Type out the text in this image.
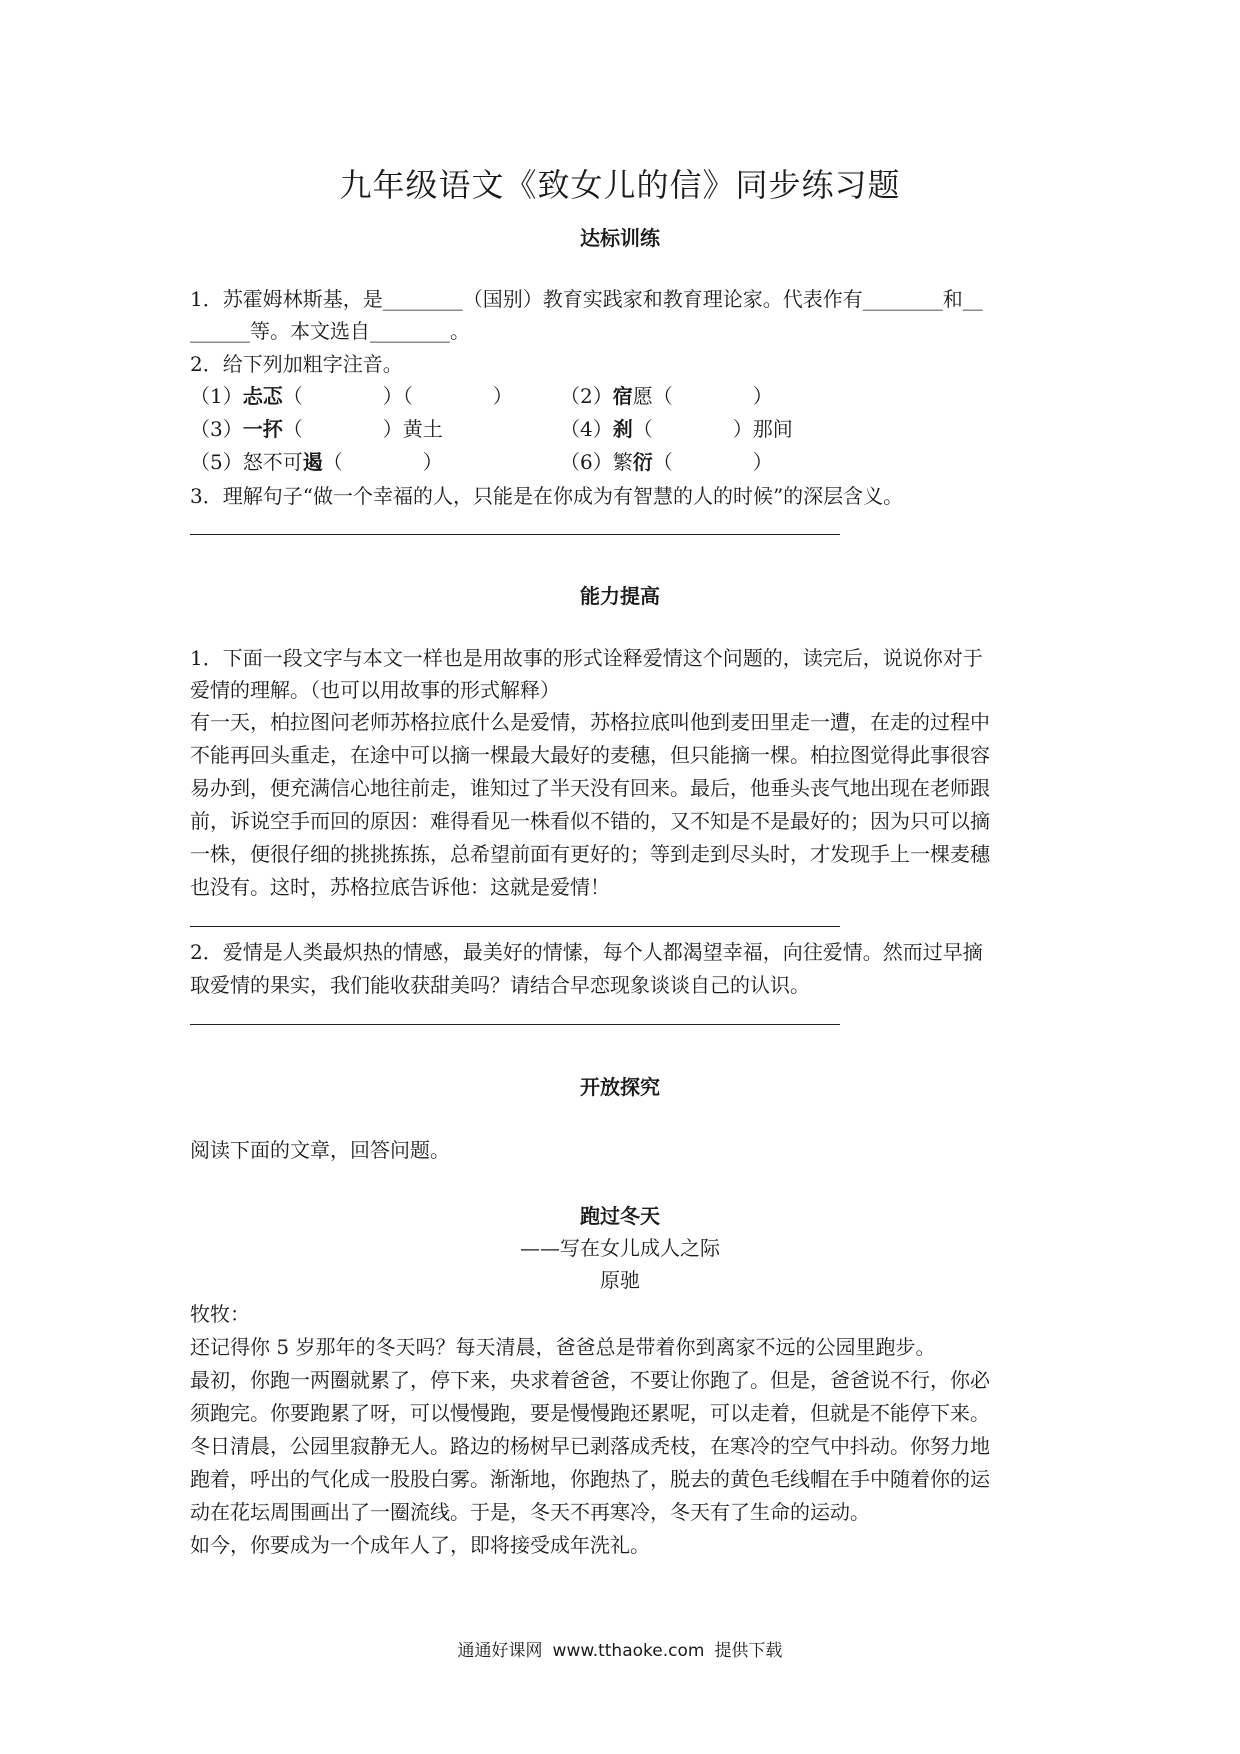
九年级语文《致女儿的信》同步练习题
达标训练
1．苏霍姆林斯基，是________（国别）教育实践家和教育理论家。代表作有________和__
______等。本文选自________。
2．给下列加粗字注音。
（1）忐忑（　　　　）（　　　　） （2）宿愿（　　　　）
（3）一抔（　　　　）黄土	（4）刹（　　　　）那间
（5）怒不可遏（　　　　）	（6）繁衍（　　　　）
3．理解句子“做一个幸福的人，只能是在你成为有智慧的人的时候”的深层含义。
能力提高
1．下面一段文字与本文一样也是用故事的形式诠释爱情这个问题的，读完后，说说你对于
爱情的理解。（也可以用故事的形式解释）
有一天，柏拉图问老师苏格拉底什么是爱情，苏格拉底叫他到麦田里走一遭，在走的过程中
不能再回头重走，在途中可以摘一棵最大最好的麦穗，但只能摘一棵。柏拉图觉得此事很容
易办到，便充满信心地往前走，谁知过了半天没有回来。最后，他垂头丧气地出现在老师跟
前，诉说空手而回的原因：难得看见一株看似不错的，又不知是不是最好的；因为只可以摘
一株，便很仔细的挑挑拣拣，总希望前面有更好的；等到走到尽头时，才发现手上一棵麦穗
也没有。这时，苏格拉底告诉他：这就是爱情！
2．爱情是人类最炽热的情感，最美好的情愫，每个人都渴望幸福，向往爱情。然而过早摘
取爱情的果实，我们能收获甜美吗？请结合早恋现象谈谈自己的认识。
开放探究
阅读下面的文章，回答问题。
跑过冬天
——写在女儿成人之际
原驰
牧牧：
还记得你 5 岁那年的冬天吗？每天清晨，爸爸总是带着你到离家不远的公园里跑步。
最初，你跑一两圈就累了，停下来，央求着爸爸，不要让你跑了。但是，爸爸说不行，你必
须跑完。你要跑累了呀，可以慢慢跑，要是慢慢跑还累呢，可以走着，但就是不能停下来。
冬日清晨，公园里寂静无人。路边的杨树早已剥落成秃枝，在寒冷的空气中抖动。你努力地
跑着，呼出的气化成一股股白雾。渐渐地，你跑热了，脱去的黄色毛线帽在手中随着你的运
动在花坛周围画出了一圈流线。于是，冬天不再寒冷，冬天有了生命的运动。
如今，你要成为一个成年人了，即将接受成年洗礼。
通通好课网 www.tthaoke.com 提供下载
